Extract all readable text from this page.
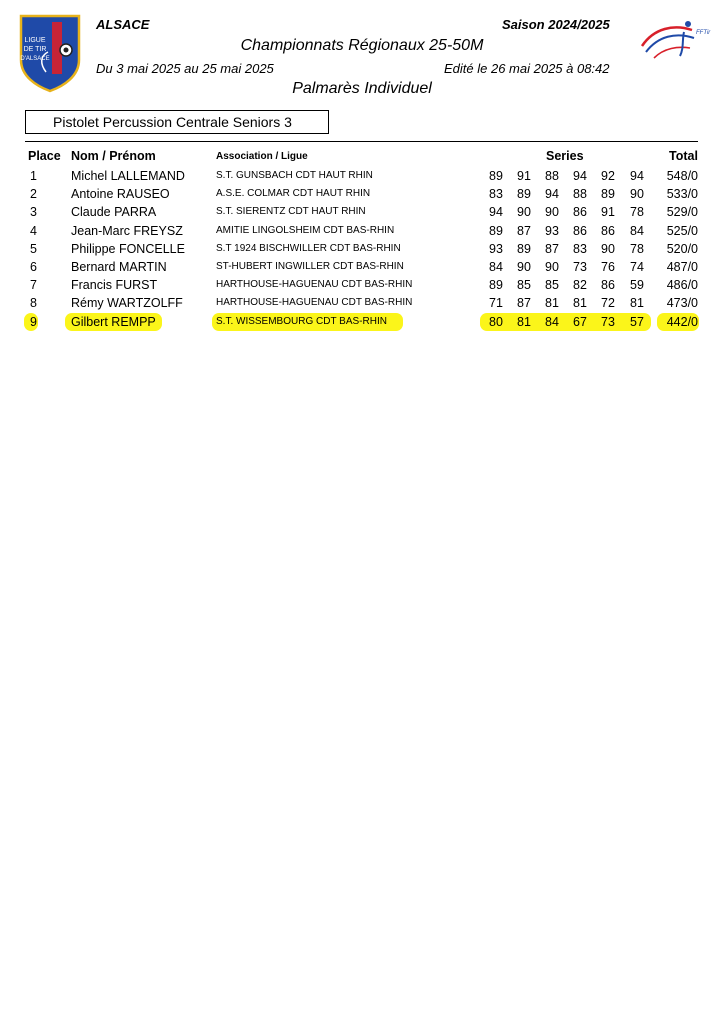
LIGUE
DE TIR
D'ALSACE
FFTir
ALSACE	Saison 2024/2025
Championnats Régionaux 25-50M
Du 3 mai 2025 au 25 mai 2025	Edité le 26 mai 2025 à 08:42
Palmarès Individuel
Pistolet Percussion Centrale Seniors 3
Place Nom / Prénom	Association / Ligue	Series	Total
1	Michel LALLEMAND	S.T. GUNSBACH CDT HAUT RHIN	89	91	88	94	92	94	548/0
2	Antoine RAUSEO	A.S.E. COLMAR CDT HAUT RHIN	83	89	94	88	89	90	533/0
3	Claude PARRA	S.T. SIERENTZ CDT HAUT RHIN	94	90	90	86	91	78	529/0
4	Jean-Marc FREYSZ	AMITIE LINGOLSHEIM CDT BAS-RHIN	89	87	93	86	86	84	525/0
5	Philippe FONCELLE	S.T 1924 BISCHWILLER CDT BAS-RHIN	93	89	87	83	90	78	520/0
6	Bernard MARTIN	ST-HUBERT INGWILLER CDT BAS-RHIN	84	90	90	73	76	74	487/0
7	Francis FURST	HARTHOUSE-HAGUENAU CDT BAS-RHIN	89	85	85	82	86	59	486/0
8	Rémy WARTZOLFF	HARTHOUSE-HAGUENAU CDT BAS-RHIN	71	87	81	81	72	81	473/0
9	Gilbert REMPP	S.T. WISSEMBOURG CDT BAS-RHIN	80	81	84	67	73	57	442/0
